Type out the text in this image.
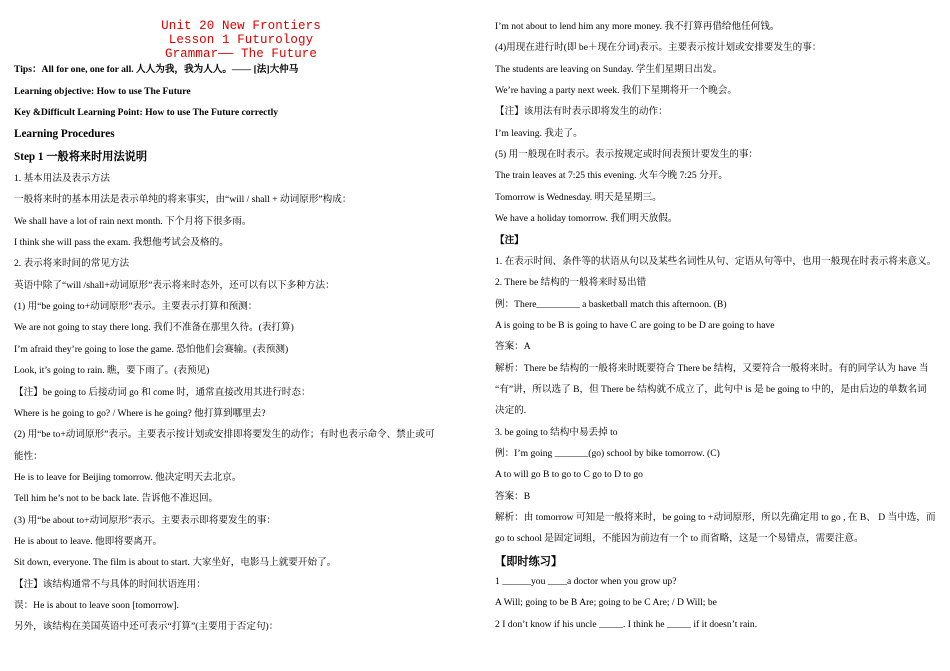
Unit 20 New Frontiers
Lesson 1 Futurology
Grammar—— The Future
Tips：All for one, one for all. 人人为我，我为人人。—— [法]大仲马
Learning objective: How to use The Future
Key &Difficult Learning Point: How to use The Future correctly
Learning Procedures
Step 1 一般将来时用法说明
1. 基本用法及表示方法
一般将来时的基本用法是表示单纯的将来事实，由“will / shall + 动词原形”构成：
We shall have a lot of rain next month. 下个月将下很多雨。
I think she will pass the exam. 我想他考试会及格的。
2. 表示将来时间的常见方法
英语中除了“will /shall+动词原形”表示将来时态外，还可以有以下多种方法：
(1) 用“be going to+动词原形”表示。主要表示打算和预测：
We are not going to stay there long. 我们不准备在那里久待。(表打算)
I’m afraid they’re going to lose the game. 恐怕他们会赛输。(表预测)
Look, it’s going to rain. 瞧，要下雨了。(表预见)
【注】be going to 后接动词 go 和 come 时，通常直接改用其进行时态：
Where is he going to go? / Where is he going? 他打算到哪里去?
(2) 用“be to+动词原形”表示。主要表示按计划或安排即将要发生的动作；有时也表示命令、禁止或可
能性：
He is to leave for Beijing tomorrow. 他决定明天去北京。
Tell him he’s not to be back late. 告诉他不准迟回。
(3) 用“be about to+动词原形”表示。主要表示即将要发生的事：
He is about to leave. 他即将要离开。
Sit down, everyone. The film is about to start. 大家坐好，电影马上就要开始了。
【注】该结构通常不与具体的时间状语连用：
误：He is about to leave soon [tomorrow].
另外，该结构在美国英语中还可表示“打算”(主要用于否定句)：
I’m not about to lend him any more money. 我不打算再借给他任何钱。
(4)用现在进行时(即 be＋现在分词)表示。主要表示按计划或安排要发生的事：
The students are leaving on Sunday. 学生们星期日出发。
We’re having a party next week. 我们下星期将开一个晚会。
【注】该用法有时表示即将发生的动作：
I’m leaving. 我走了。
(5) 用一般现在时表示。表示按规定或时间表预计要发生的事：
The train leaves at 7:25 this evening. 火车今晚 7:25 分开。
Tomorrow is Wednesday. 明天是星期三。
We have a holiday tomorrow. 我们明天放假。
【注】
1. 在表示时间、条件等的状语从句以及某些名词性从句、定语从句等中，也用一般现在时表示将来意义。
2. There be 结构的一般将来时易出错
例：There_________ a basketball match this afternoon. (B)
A is going to be B is going to have C are going to be D are going to have
答案：A
解析：There be 结构的一般将来时既要符合 There be 结构，又要符合一般将来时。有的同学认为 have 当
“有”讲，所以选了 B，但 There be 结构就不成立了，此句中 is 是 be going to 中的，是由后边的单数名词
决定的.
3. be going to 结构中易丢掉 to
例：I’m going _______(go) school by bike tomorrow. (C)
A to will go B to go to C go to D to go
答案：B
解析：由 tomorrow 可知是一般将来时，be going to +动词原形，所以先确定用 to go , 在 B、 D 当中选，而
go to school 是固定词组，不能因为前边有一个 to 而省略，这是一个易错点，需要注意。
【即时练习】
1 ______you ____a doctor when you grow up?
A Will; going to be B Are; going to be C Are; / D Will; be
2 I don’t know if his uncle _____. I think he _____ if it doesn’t rain.
